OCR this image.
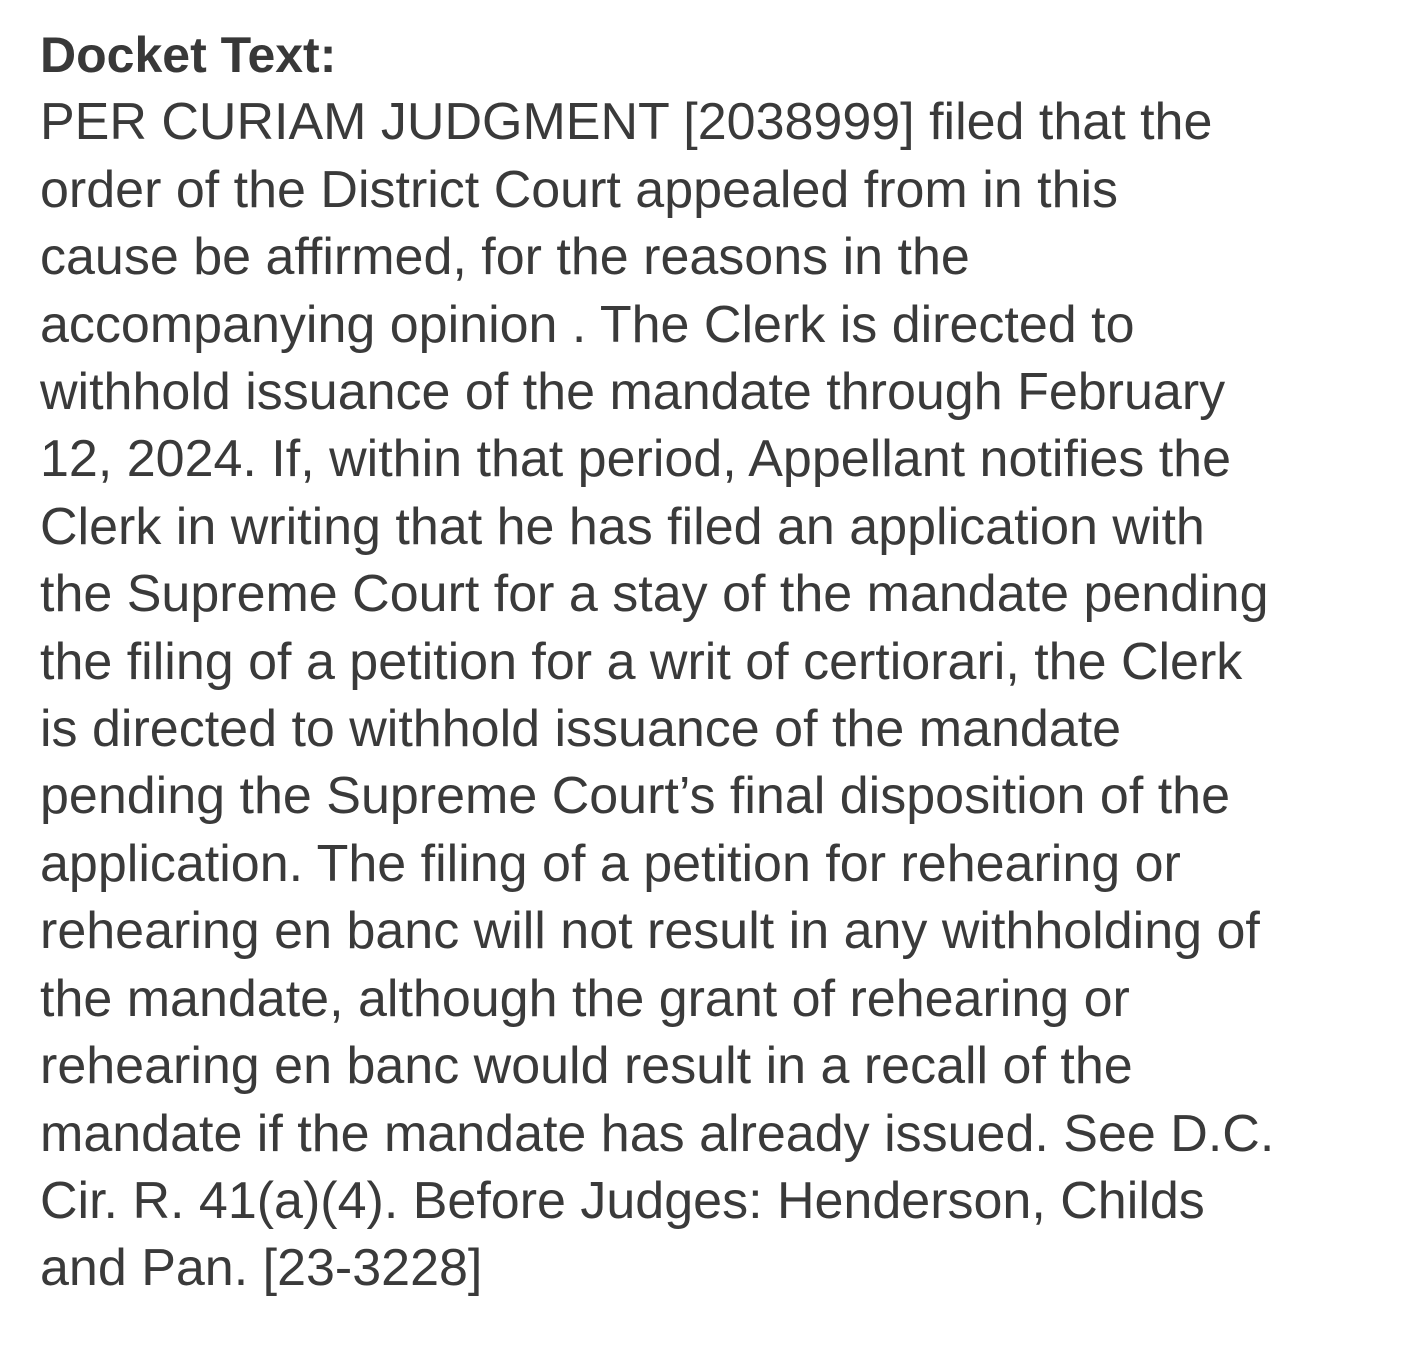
Docket Text:
PER CURIAM JUDGMENT [2038999] filed that the
order of the District Court appealed from in this
cause be affirmed, for the reasons in the
accompanying opinion . The Clerk is directed to
withhold issuance of the mandate through February
12, 2024. If, within that period, Appellant notifies the
Clerk in writing that he has filed an application with
the Supreme Court for a stay of the mandate pending
the filing of a petition for a writ of certiorari, the Clerk
is directed to withhold issuance of the mandate
pending the Supreme Court’s final disposition of the
application. The filing of a petition for rehearing or
rehearing en banc will not result in any withholding of
the mandate, although the grant of rehearing or
rehearing en banc would result in a recall of the
mandate if the mandate has already issued. See D.C.
Cir. R. 41(a)(4). Before Judges: Henderson, Childs
and Pan. [23-3228]
